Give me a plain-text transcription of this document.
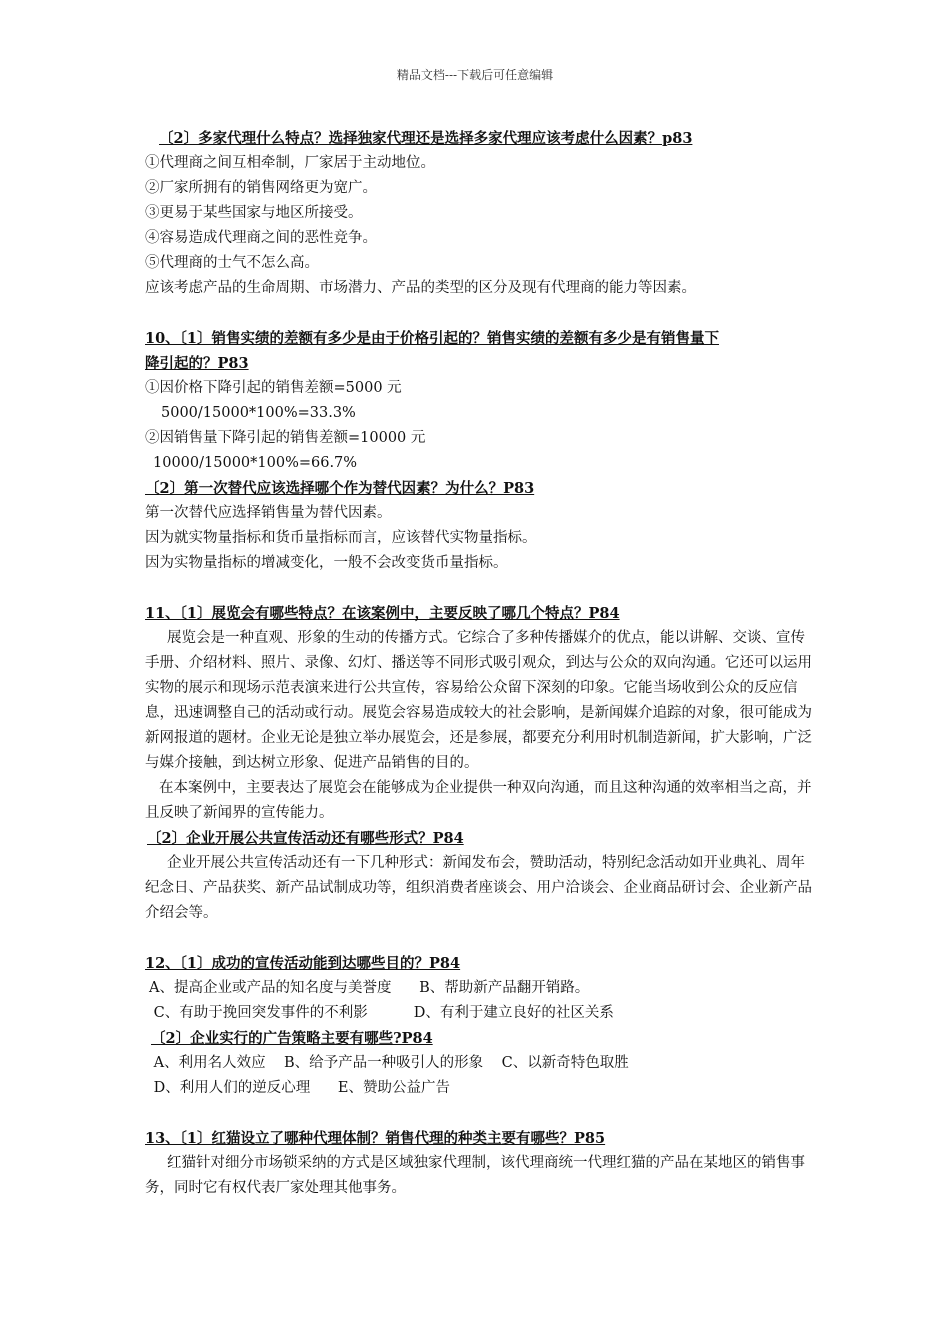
精品文档---下载后可任意编辑
〔2〕多家代理什么特点？选择独家代理还是选择多家代理应该考虑什么因素？p83
①代理商之间互相牵制，厂家居于主动地位。
②厂家所拥有的销售网络更为宽广。
③更易于某些国家与地区所接受。
④容易造成代理商之间的恶性竞争。
⑤代理商的士气不怎么高。
应该考虑产品的生命周期、市场潜力、产品的类型的区分及现有代理商的能力等因素。
10、〔1〕销售实绩的差额有多少是由于价格引起的？销售实绩的差额有多少是有销售量下
降引起的？P83
①因价格下降引起的销售差额=5000 元
5000/15000*100%=33.3%
②因销售量下降引起的销售差额=10000 元
10000/15000*100%=66.7%
〔2〕第一次替代应该选择哪个作为替代因素？为什么？P83
第一次替代应选择销售量为替代因素。
因为就实物量指标和货币量指标而言，应该替代实物量指标。
因为实物量指标的增减变化，一般不会改变货币量指标。
11、〔1〕展览会有哪些特点？在该案例中，主要反映了哪几个特点？P84
展览会是一种直观、形象的生动的传播方式。它综合了多种传播媒介的优点，能以讲解、交谈、宣传手册、介绍材料、照片、录像、幻灯、播送等不同形式吸引观众，到达与公众的双向沟通。它还可以运用实物的展示和现场示范表演来进行公共宣传，容易给公众留下深刻的印象。它能当场收到公众的反应信息，迅速调整自己的活动或行动。展览会容易造成较大的社会影响，是新闻媒介追踪的对象，很可能成为新网报道的题材。企业无论是独立举办展览会，还是参展，都要充分利用时机制造新闻，扩大影响，广泛与媒介接触，到达树立形象、促进产品销售的目的。
在本案例中，主要表达了展览会在能够成为企业提供一种双向沟通，而且这种沟通的效率相当之高，并且反映了新闻界的宣传能力。
〔2〕企业开展公共宣传活动还有哪些形式？P84
企业开展公共宣传活动还有一下几种形式：新闻发布会，赞助活动，特别纪念活动如开业典礼、周年纪念日、产品获奖、新产品试制成功等，组织消费者座谈会、用户洽谈会、企业商品研讨会、企业新产品介绍会等。
12、〔1〕成功的宣传活动能到达哪些目的？P84
A、提高企业或产品的知名度与美誉度      B、帮助新产品翻开销路。
C、有助于挽回突发事件的不利影          D、有利于建立良好的社区关系
〔2〕企业实行的广告策略主要有哪些?P84
A、利用名人效应    B、给予产品一种吸引人的形象    C、以新奇特色取胜
D、利用人们的逆反心理      E、赞助公益广告
13、〔1〕红猫设立了哪种代理体制？销售代理的种类主要有哪些？P85
红猫针对细分市场锁采纳的方式是区域独家代理制，该代理商统一代理红猫的产品在某地区的销售事务，同时它有权代表厂家处理其他事务。
